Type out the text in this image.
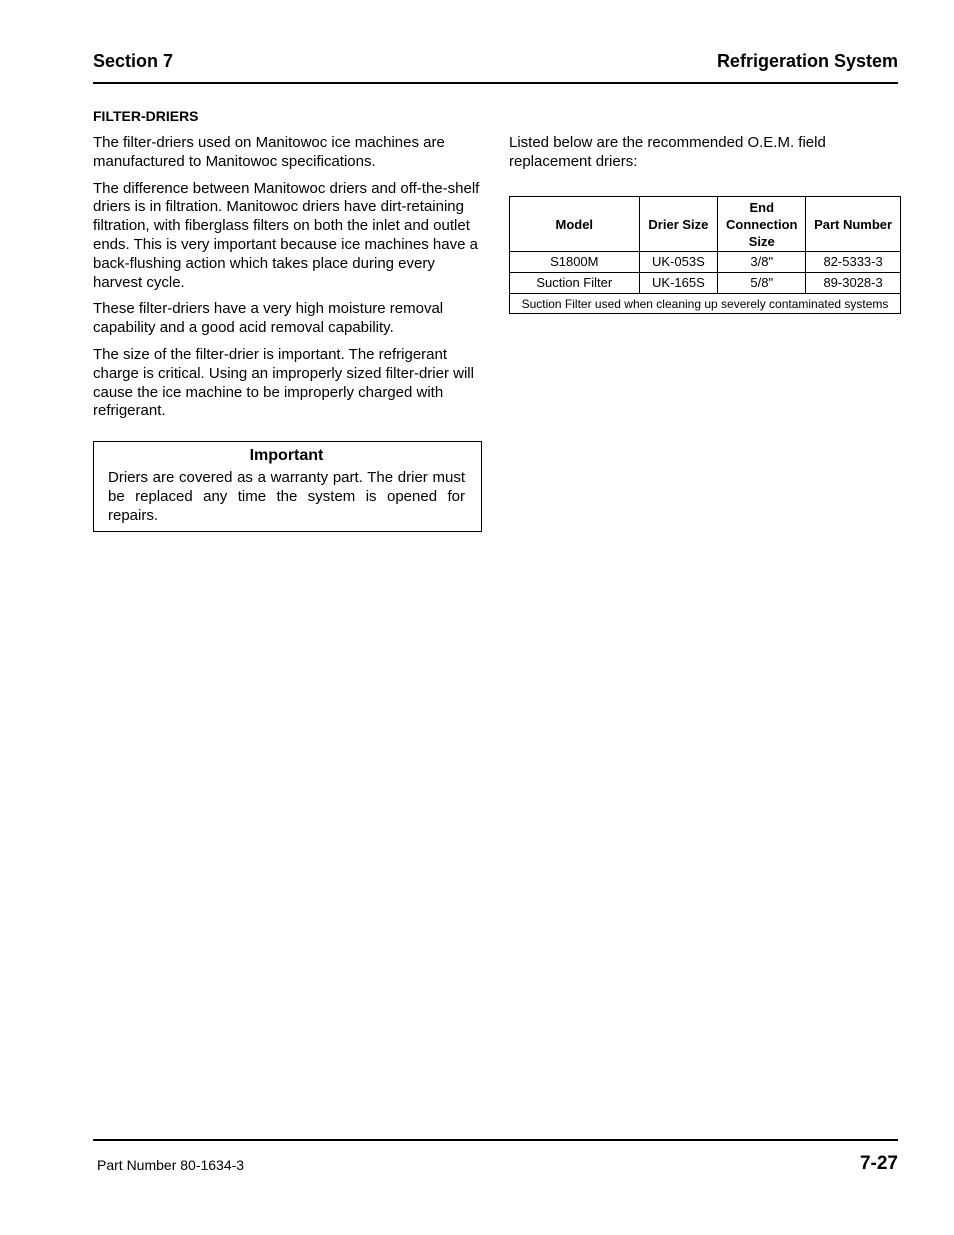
Section 7	Refrigeration System
FILTER-DRIERS

The filter-driers used on Manitowoc ice machines are manufactured to Manitowoc specifications.

The difference between Manitowoc driers and off-the-shelf driers is in filtration. Manitowoc driers have dirt-retaining filtration, with fiberglass filters on both the inlet and outlet ends. This is very important because ice machines have a back-flushing action which takes place during every harvest cycle.

These filter-driers have a very high moisture removal capability and a good acid removal capability.

The size of the filter-drier is important. The refrigerant charge is critical. Using an improperly sized filter-drier will cause the ice machine to be improperly charged with refrigerant.

Important
Driers are covered as a warranty part. The drier must be replaced any time the system is opened for repairs.

Listed below are the recommended O.E.M. field replacement driers:

Model	Drier Size	End Connection Size	Part Number
S1800M	UK-053S	3/8"	82-5333-3
Suction Filter	UK-165S	5/8"	89-3028-3
Suction Filter used when cleaning up severely contaminated systems			
Part Number 80-1634-3	7-27
